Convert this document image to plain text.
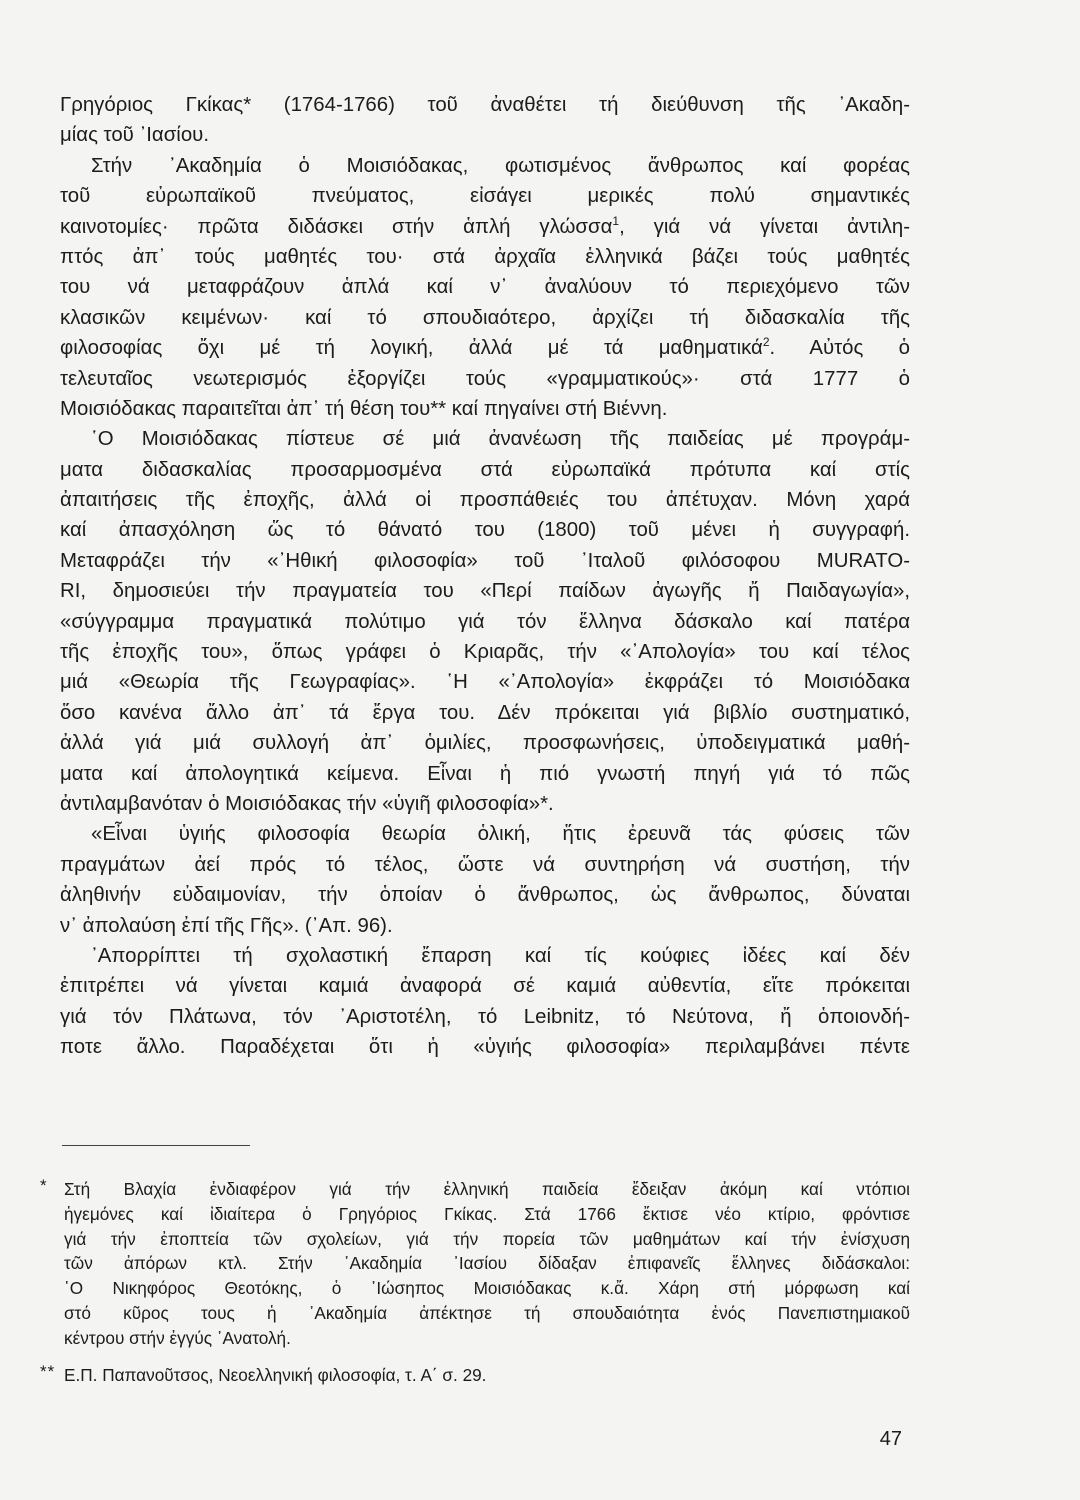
Γρηγόριος Γκίκας* (1764-1766) τοῦ ἀναθέτει τή διεύθυνση τῆς ᾽Ακαδη-
μίας τοῦ ᾽Ιασίου.
Στήν ᾽Ακαδημία ὁ Μοισιόδακας, φωτισμένος ἄνθρωπος καί φορέας
τοῦ εὐρωπαϊκοῦ πνεύματος, εἰσάγει μερικές πολύ σημαντικές
καινοτομίες· πρῶτα διδάσκει στήν ἁπλή γλώσσα$^1$, γιά νά γίνεται ἀντιλη-
πτός ἀπ᾽ τούς μαθητές του· στά ἀρχαῖα ἑλληνικά βάζει τούς μαθητές
του νά μεταφράζουν ἁπλά καί ν᾽ ἀναλύουν τό περιεχόμενο τῶν
κλασικῶν κειμένων· καί τό σπουδιαότερο, ἀρχίζει τή διδασκαλία τῆς
φιλοσοφίας ὄχι μέ τή λογική, ἀλλά μέ τά μαθηματικά$^2$. Αὐτός ὁ
τελευταῖος νεωτερισμός ἐξοργίζει τούς «γραμματικούς»· στά 1777 ὁ
Μοισιόδακας παραιτεῖται ἀπ᾽ τή θέση του** καί πηγαίνει στή Βιέννη.
῾Ο Μοισιόδακας πίστευε σέ μιά ἀνανέωση τῆς παιδείας μέ προγράμ-
ματα διδασκαλίας προσαρμοσμένα στά εὐρωπαϊκά πρότυπα καί στίς
ἀπαιτήσεις τῆς ἐποχῆς, ἀλλά οἱ προσπάθειές του ἀπέτυχαν. Μόνη χαρά
καί ἀπασχόληση ὥς τό θάνατό του (1800) τοῦ μένει ἡ συγγραφή.
Μεταφράζει τήν «᾽Ηθική φιλοσοφία» τοῦ ᾽Ιταλοῦ φιλόσοφου MURATO-
RI, δημοσιεύει τήν πραγματεία του «Περί παίδων ἀγωγῆς ἤ Παιδαγωγία»,
«σύγγραμμα πραγματικά πολύτιμο γιά τόν ἕλληνα δάσκαλο καί πατέρα
τῆς ἐποχῆς του», ὅπως γράφει ὁ Κριαρᾶς, τήν «᾽Απολογία» του καί τέλος
μιά «Θεωρία τῆς Γεωγραφίας». ῾Η «᾽Απολογία» ἐκφράζει τό Μοισιόδακα
ὅσο κανένα ἄλλο ἀπ᾽ τά ἔργα του. Δέν πρόκειται γιά βιβλίο συστηματικό,
ἀλλά γιά μιά συλλογή ἀπ᾽ ὁμιλίες, προσφωνήσεις, ὑποδειγματικά μαθή-
ματα καί ἀπολογητικά κείμενα. Εἶναι ἡ πιό γνωστή πηγή γιά τό πῶς
ἀντιλαμβανόταν ὁ Μοισιόδακας τήν «ὑγιῆ φιλοσοφία»*.
«Εἶναι ὑγιής φιλοσοφία θεωρία ὁλική, ἥτις ἐρευνᾶ τάς φύσεις τῶν
πραγμάτων ἀεί πρός τό τέλος, ὥστε νά συντηρήση νά συστήση, τήν
ἀληθινήν εὐδαιμονίαν, τήν ὁποίαν ὁ ἄνθρωπος, ὡς ἄνθρωπος, δύναται
ν᾽ ἀπολαύση ἐπί τῆς Γῆς». (᾽Απ. 96).
᾽Απορρίπτει τή σχολαστική ἔπαρση καί τίς κούφιες ἰδέες καί δέν
ἐπιτρέπει νά γίνεται καμιά ἀναφορά σέ καμιά αὐθεντία, εἴτε πρόκειται
γιά τόν Πλάτωνα, τόν ᾽Αριστοτέλη, τό Leibnitz, τό Νεύτονα, ἤ ὁποιονδή-
ποτε ἄλλο. Παραδέχεται ὅτι ἡ «ὑγιής φιλοσοφία» περιλαμβάνει πέντε
* Στή Βλαχία ἐνδιαφέρον γιά τήν ἑλληνική παιδεία ἔδειξαν ἀκόμη καί ντόπιοι
ἡγεμόνες καί ἰδιαίτερα ὁ Γρηγόριος Γκίκας. Στά 1766 ἔκτισε νέο κτίριο, φρόντισε
γιά τήν ἐποπτεία τῶν σχολείων, γιά τήν πορεία τῶν μαθημάτων καί τήν ἐνίσχυση
τῶν ἀπόρων κτλ. Στήν ᾽Ακαδημία ᾽Ιασίου δίδαξαν ἐπιφανεῖς ἕλληνες διδάσκαλοι:
῾Ο Νικηφόρος Θεοτόκης, ὁ ᾽Ιώσηπος Μοισιόδακας κ.ἄ. Χάρη στή μόρφωση καί
στό κῦρος τους ἡ ᾽Ακαδημία ἀπέκτησε τή σπουδαιότητα ἑνός Πανεπιστημιακοῦ
κέντρου στήν ἐγγύς ᾽Ανατολή.
** Ε.Π. Παπανοῦτσος, Νεοελληνική φιλοσοφία, τ. Α΄ σ. 29.
47
